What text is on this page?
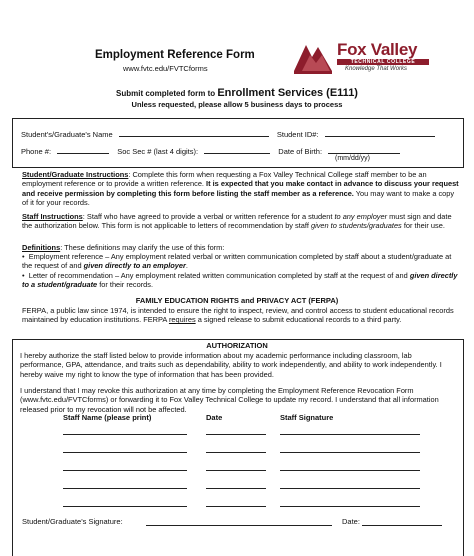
Employment Reference Form
www.fvtc.edu/FVTCforms
Fox Valley
TECHNICAL COLLEGE
Knowledge That Works
Submit completed form to Enrollment Services (E111)
Unless requested, please allow 5 business days to process
Student's/Graduate's Name	Student ID#:
Phone #:	Soc Sec # (last 4 digits):	Date of Birth:
(mm/dd/yy)
Student/Graduate Instructions: Complete this form when requesting a Fox Valley Technical College staff member to be an employment reference or to provide a written reference. It is expected that you make contact in advance to discuss your request and receive permission by completing this form before listing the staff member as a reference. You may want to make a copy of it for your records.
Staff Instructions: Staff who have agreed to provide a verbal or written reference for a student to any employer must sign and date the authorization below. This form is not applicable to letters of recommendation by staff given to students/graduates for their use.
Definitions: These definitions may clarify the use of this form:
•  Employment reference – Any employment related verbal or written communication completed by staff about a student/graduate at the request of and given directly to an employer.
•  Letter of recommendation – Any employment related written communication completed by staff at the request of and given directly to a student/graduate for their records.
FAMILY EDUCATION RIGHTS and PRIVACY ACT (FERPA)
FERPA, a public law since 1974, is intended to ensure the right to inspect, review, and control access to student educational records maintained by education institutions. FERPA requires a signed release to submit educational records to a third party.
AUTHORIZATION
I hereby authorize the staff listed below to provide information about my academic performance including classroom, lab performance, GPA, attendance, and traits such as dependability, ability to work independently, and ability to work independently. I hereby waive my right to know the type of information that has been provided.
I understand that I may revoke this authorization at any time by completing the Employment Reference Revocation Form (www.fvtc.edu/FVTCforms) or forwarding it to Fox Valley Technical College to update my record. I understand that all information released prior to my revocation will not be affected.
Staff Name (please print)	Date	Staff Signature
Student/Graduate's Signature:	Date:
